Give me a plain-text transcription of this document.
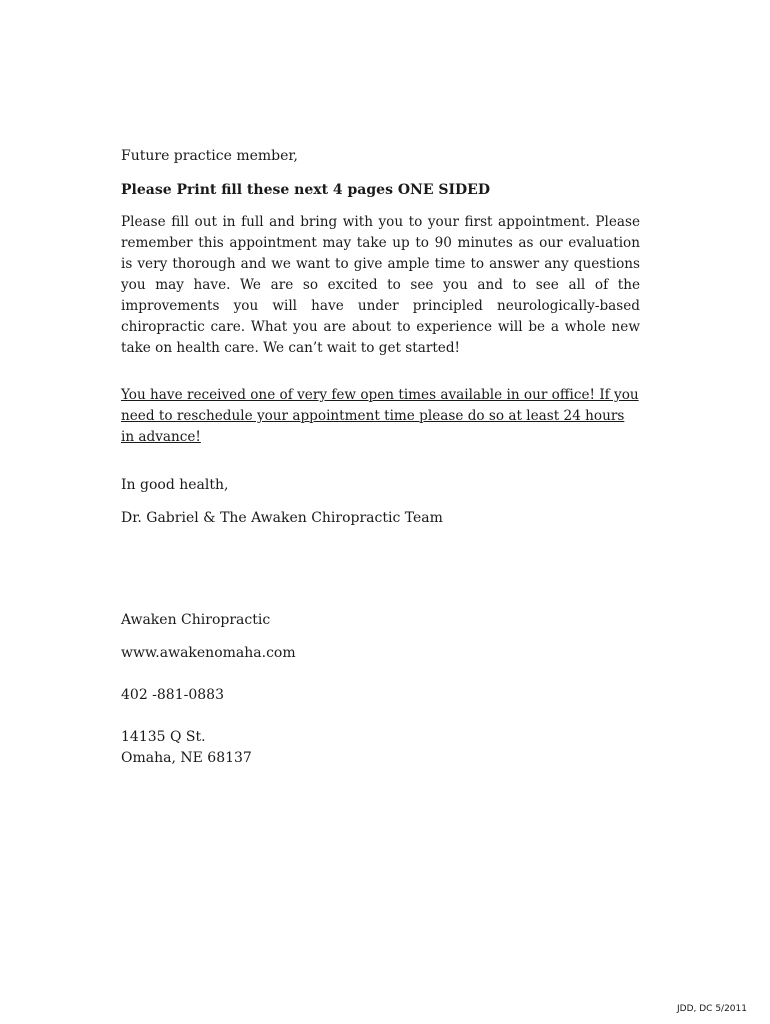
Future practice member,

Please Print fill these next 4 pages ONE SIDED

Please fill out in full and bring with you to your first appointment. Please remember this appointment may take up to 90 minutes as our evaluation is very thorough and we want to give ample time to answer any questions you may have. We are so excited to see you and to see all of the improvements you will have under principled neurologically-based chiropractic care. What you are about to experience will be a whole new take on health care. We can’t wait to get started!

You have received one of very few open times available in our office! If you need to reschedule your appointment time please do so at least 24 hours in advance!

In good health,

Dr. Gabriel & The Awaken Chiropractic Team

Awaken Chiropractic

www.awakenomaha.com

402 -881-0883

14135 Q St.

Omaha, NE 68137

JDD, DC 5/2011
